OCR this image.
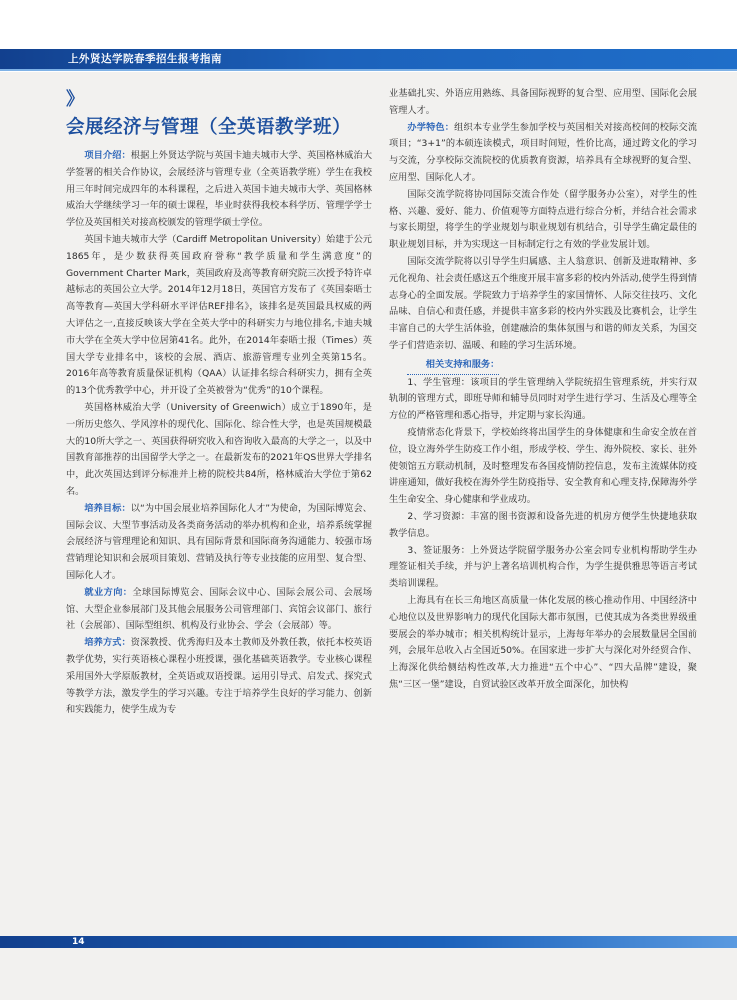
上外贤达学院春季招生报考指南
》会展经济与管理（全英语教学班）

项目介绍：根据上外贤达学院与英国卡迪夫城市大学、英国格林威治大学签署的相关合作协议，会展经济与管理专业（全英语教学班）学生在我校用三年时间完成四年的本科课程，之后进入英国卡迪夫城市大学、英国格林威治大学继续学习一年的硕士课程，毕业时获得我校本科学历、管理学学士学位及英国相关对接高校颁发的管理学硕士学位。

英国卡迪夫城市大学（Cardiff Metropolitan University）始建于公元1865年，是少数获得英国政府誉称“教学质量和学生满意度”的Government Charter Mark，英国政府及高等教育研究院三次授予特许卓越标志的英国公立大学。2014年12月18日，英国官方发布了《英国泰晤士高等教育—英国大学科研水平评估REF排名》，该排名是英国最具权威的两大评估之一,直接反映该大学在全英大学中的科研实力与地位排名,卡迪夫城市大学在全英大学中位居第41名。此外，在2014年泰晤士报（Times）英国大学专业排名中，该校的会展、酒店、旅游管理专业列全英第15名。2016年高等教育质量保证机构（QAA）认证排名综合科研实力，拥有全英的13个优秀教学中心，并开设了全英被誉为“优秀”的10个课程。

英国格林威治大学（University of Greenwich）成立于1890年，是一所历史悠久、学风淳朴的现代化、国际化、综合性大学，也是英国规模最大的10所大学之一、英国获得研究收入和咨询收入最高的大学之一，以及中国教育部推荐的出国留学大学之一。在最新发布的2021年QS世界大学排名中，此次英国达到评分标准并上榜的院校共84所，格林威治大学位于第62名。

培养目标：以“为中国会展业培养国际化人才”为使命，为国际博览会、国际会议、大型节事活动及各类商务活动的举办机构和企业，培养系统掌握会展经济与管理理论和知识、具有国际背景和国际商务沟通能力、较强市场营销理论知识和会展项目策划、营销及执行等专业技能的应用型、复合型、国际化人才。

就业方向：全球国际博览会、国际会议中心、国际会展公司、会展场馆、大型企业参展部门及其他会展服务公司管理部门、宾馆会议部门、旅行社（会展部）、国际型组织、机构及行业协会、学会（会展部）等。

培养方式：资深教授、优秀海归及本土教师及外教任教，依托本校英语教学优势，实行英语核心课程小班授课，强化基础英语教学。专业核心课程采用国外大学原版教材，全英语或双语授课。运用引导式、启发式、探究式等教学方法，激发学生的学习兴趣。专注于培养学生良好的学习能力、创新和实践能力，使学生成为专

业基础扎实、外语应用熟练、具备国际视野的复合型、应用型、国际化会展管理人才。

办学特色：组织本专业学生参加学校与英国相关对接高校间的校际交流项目；“3+1”的本硕连读模式，项目时间短，性价比高，通过跨文化的学习与交流，分享校际交流院校的优质教育资源，培养具有全球视野的复合型、应用型、国际化人才。

国际交流学院将协同国际交流合作处（留学服务办公室），对学生的性格、兴趣、爱好、能力、价值观等方面特点进行综合分析，并结合社会需求与家长期望，将学生的学业规划与职业规划有机结合，引导学生确定最佳的职业规划目标，并为实现这一目标制定行之有效的学业发展计划。

国际交流学院将以引导学生归属感、主人翁意识、创新及进取精神、多元化视角、社会责任感这五个维度开展丰富多彩的校内外活动,使学生得到情志身心的全面发展。学院致力于培养学生的家国情怀、人际交往技巧、文化品味、自信心和责任感，并提供丰富多彩的校内外实践及比赛机会，让学生丰富自己的大学生活体验，创建融洽的集体氛围与和谐的师友关系，为国交学子们营造亲切、温暖、和睦的学习生活环境。

相关支持和服务：

1、学生管理：该项目的学生管理纳入学院统招生管理系统，并实行双轨制的管理方式，即班导师和辅导员同时对学生进行学习、生活及心理等全方位的严格管理和悉心指导，并定期与家长沟通。

疫情常态化背景下，学校始终将出国学生的身体健康和生命安全放在首位，设立海外学生防疫工作小组，形成学校、学生、海外院校、家长、驻外使领馆五方联动机制，及时整理发布各国疫情防控信息，发布主流媒体防疫讲座通知，做好我校在海外学生防疫指导、安全教育和心理支持,保障海外学生生命安全、身心健康和学业成功。

2、学习资源：丰富的图书资源和设备先进的机房方便学生快捷地获取教学信息。

3、签证服务：上外贤达学院留学服务办公室会同专业机构帮助学生办理签证相关手续，并与沪上著名培训机构合作，为学生提供雅思等语言考试类培训课程。

上海具有在长三角地区高质量一体化发展的核心推动作用、中国经济中心地位以及世界影响力的现代化国际大都市氛围，已使其成为各类世界级重要展会的举办城市；相关机构统计显示，上海每年举办的会展数量居全国前列，会展年总收入占全国近50%。在国家进一步扩大与深化对外经贸合作、上海深化供给侧结构性改革,大力推进“五个中心”、“四大品牌”建设，聚焦“三区一堡”建设，自贸试验区改革开放全面深化，加快构

14
